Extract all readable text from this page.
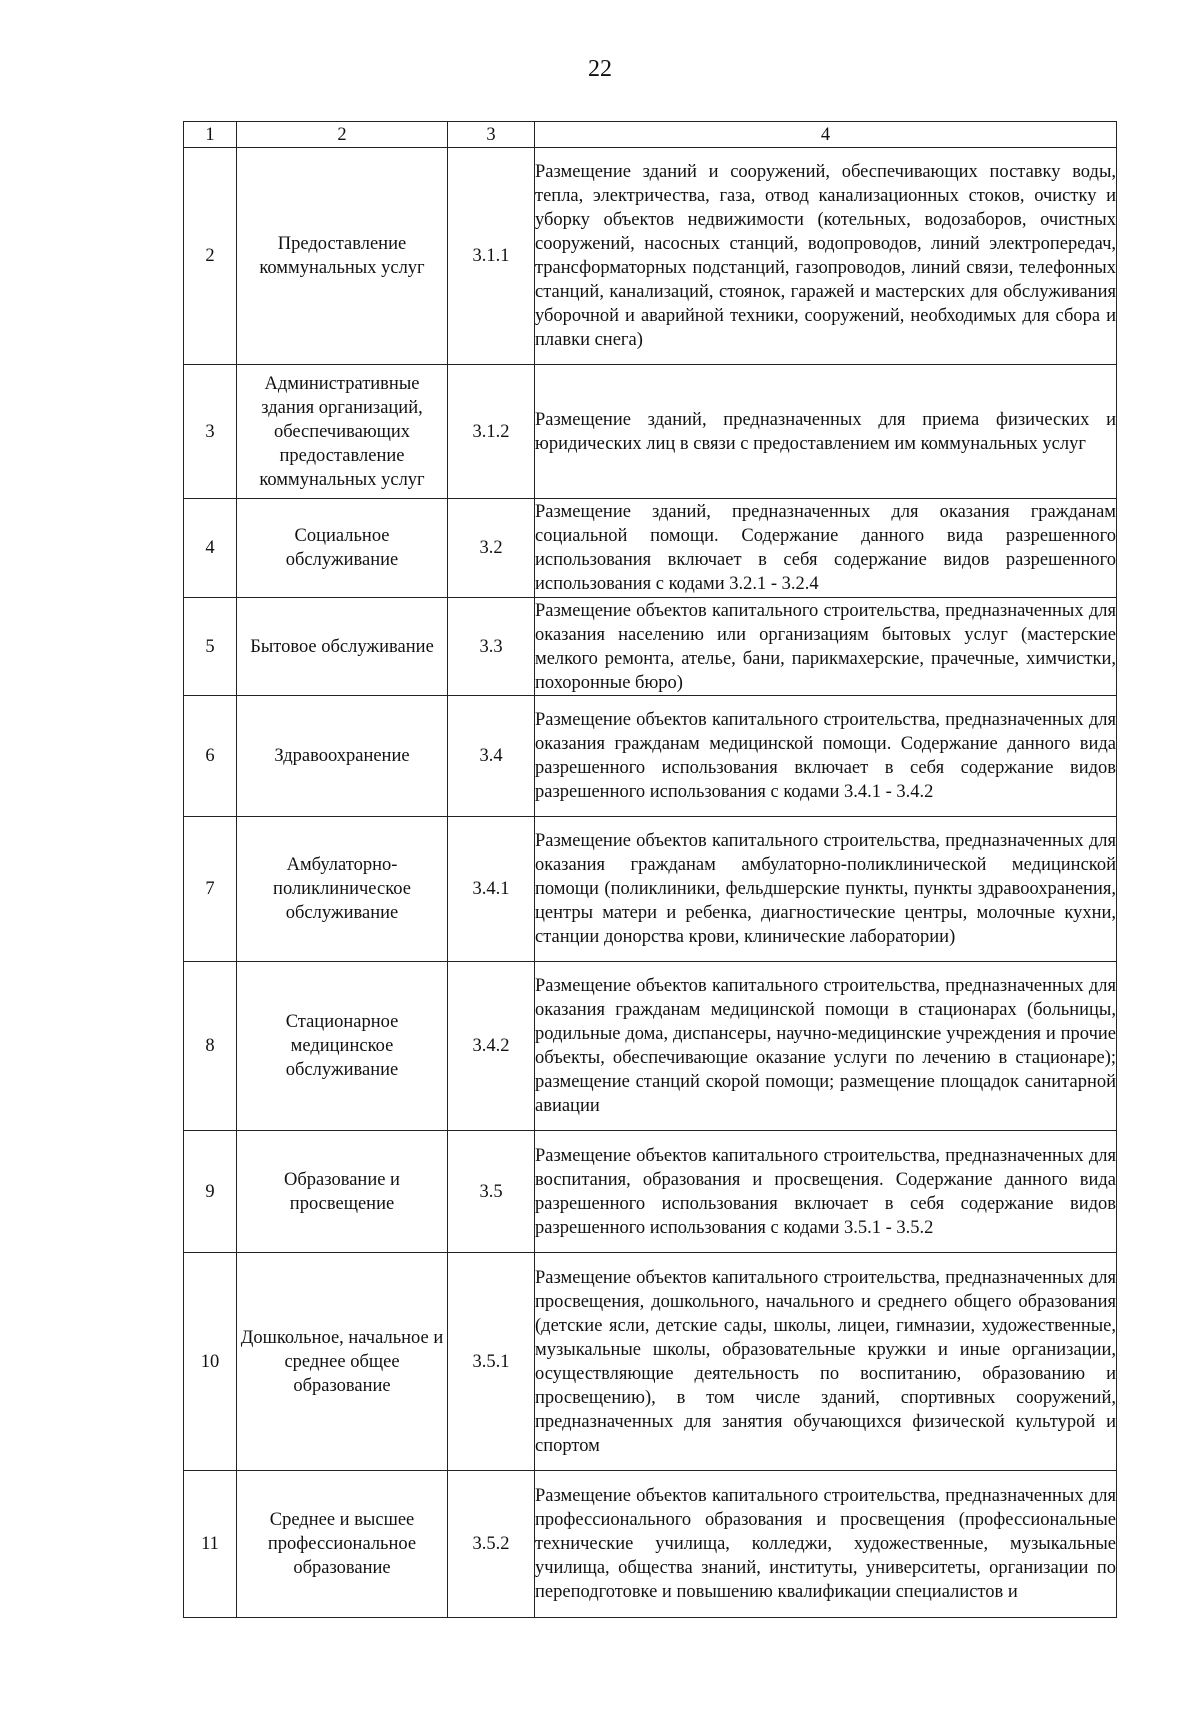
22
1	2	3	4
2	Предоставление коммунальных услуг	3.1.1	Размещение зданий и сооружений, обеспечивающих поставку воды, тепла, электричества, газа, отвод канализационных стоков, очистку и уборку объектов недвижимости (котельных, водозаборов, очистных сооружений, насосных станций, водопроводов, линий электропередач, трансформаторных подстанций, газопроводов, линий связи, телефонных станций, канализаций, стоянок, гаражей и мастерских для обслуживания уборочной и аварийной техники, сооружений, необходимых для сбора и плавки снега)
3	Административные здания организаций, обеспечивающих предоставление коммунальных услуг	3.1.2	Размещение зданий, предназначенных для приема физических и юридических лиц в связи с предоставлением им коммунальных услуг
4	Социальное обслуживание	3.2	Размещение зданий, предназначенных для оказания гражданам социальной помощи. Содержание данного вида разрешенного использования включает в себя содержание видов разрешенного использования с кодами 3.2.1 - 3.2.4
5	Бытовое обслуживание	3.3	Размещение объектов капитального строительства, предназначенных для оказания населению или организациям бытовых услуг (мастерские мелкого ремонта, ателье, бани, парикмахерские, прачечные, химчистки, похоронные бюро)
6	Здравоохранение	3.4	Размещение объектов капитального строительства, предназначенных для оказания гражданам медицинской помощи. Содержание данного вида разрешенного использования включает в себя содержание видов разрешенного использования с кодами 3.4.1 - 3.4.2
7	Амбулаторно-поликлиническое обслуживание	3.4.1	Размещение объектов капитального строительства, предназначенных для оказания гражданам амбулаторно-поликлинической медицинской помощи (поликлиники, фельдшерские пункты, пункты здравоохранения, центры матери и ребенка, диагностические центры, молочные кухни, станции донорства крови, клинические лаборатории)
8	Стационарное медицинское обслуживание	3.4.2	Размещение объектов капитального строительства, предназначенных для оказания гражданам медицинской помощи в стационарах (больницы, родильные дома, диспансеры, научно-медицинские учреждения и прочие объекты, обеспечивающие оказание услуги по лечению в стационаре); размещение станций скорой помощи; размещение площадок санитарной авиации
9	Образование и просвещение	3.5	Размещение объектов капитального строительства, предназначенных для воспитания, образования и просвещения. Содержание данного вида разрешенного использования включает в себя содержание видов разрешенного использования с кодами 3.5.1 - 3.5.2
10	Дошкольное, начальное и среднее общее образование	3.5.1	Размещение объектов капитального строительства, предназначенных для просвещения, дошкольного, начального и среднего общего образования (детские ясли, детские сады, школы, лицеи, гимназии, художественные, музыкальные школы, образовательные кружки и иные организации, осуществляющие деятельность по воспитанию, образованию и просвещению), в том числе зданий, спортивных сооружений, предназначенных для занятия обучающихся физической культурой и спортом
11	Среднее и высшее профессиональное образование	3.5.2	Размещение объектов капитального строительства, предназначенных для профессионального образования и просвещения (профессиональные технические училища, колледжи, художественные, музыкальные училища, общества знаний, институты, университеты, организации по переподготовке и повышению квалификации специалистов и
